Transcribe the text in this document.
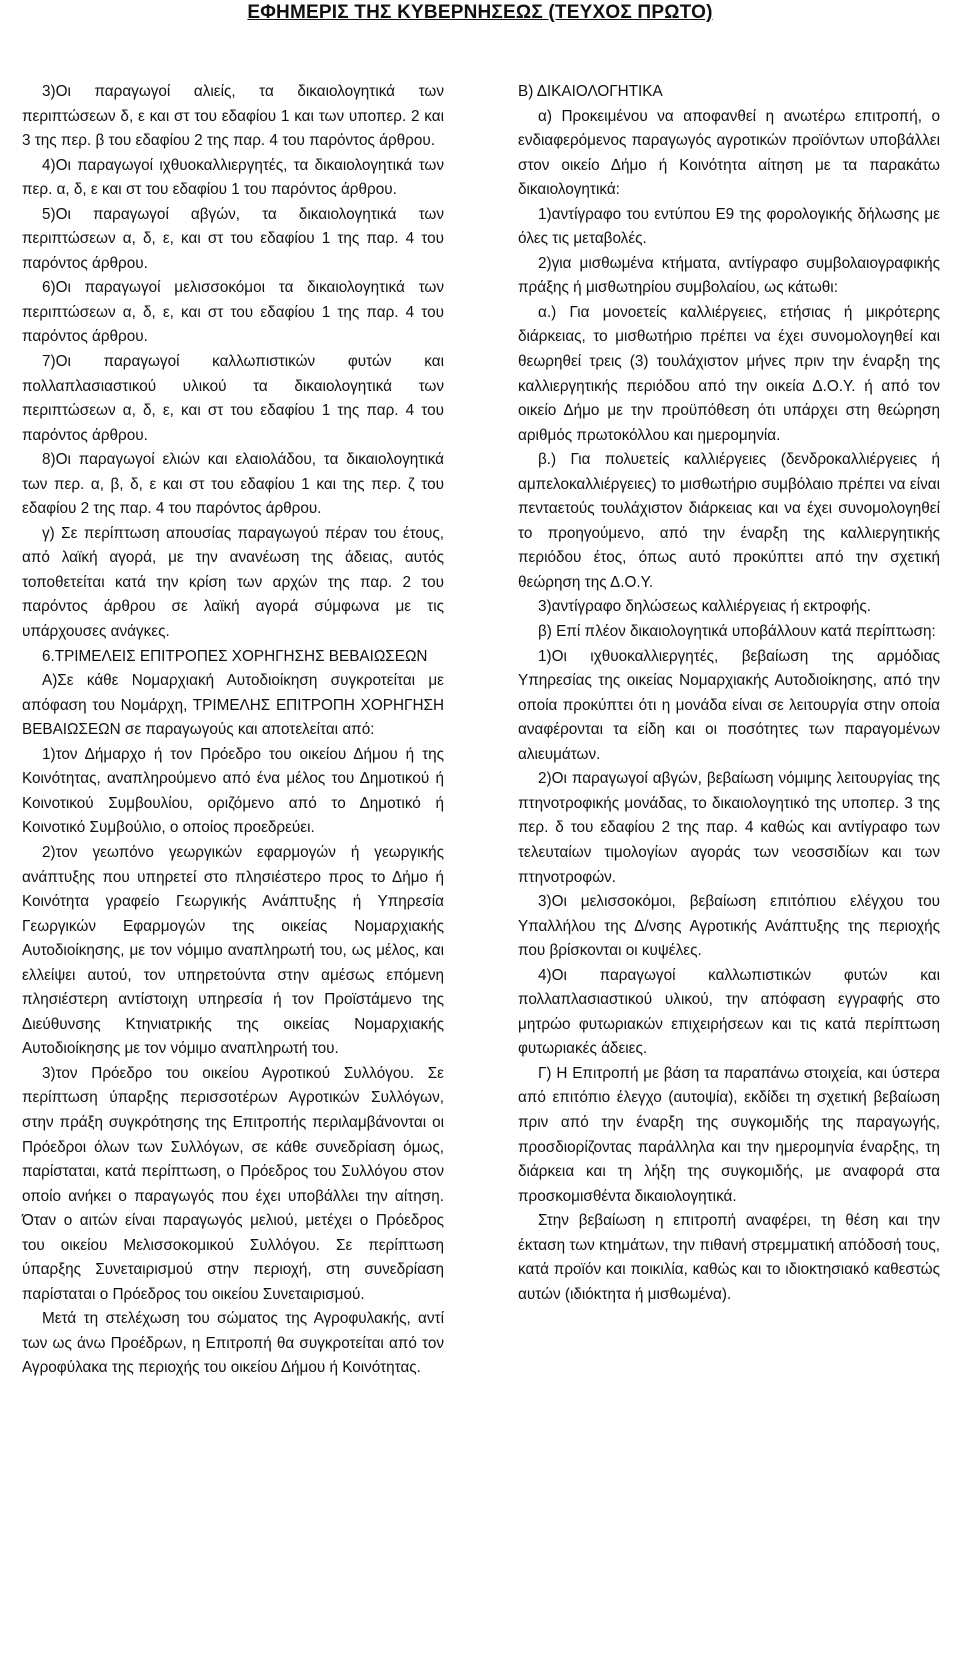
ΕΦΗΜΕΡΙΣ ΤΗΣ ΚΥΒΕΡΝΗΣΕΩΣ (ΤΕΥΧΟΣ ΠΡΩΤΟ)

3)Οι παραγωγοί αλιείς, τα δικαιολογητικά των περιπτώσεων δ, ε και στ του εδαφίου 1 και των υποπερ. 2 και 3 της περ. β του εδαφίου 2 της παρ. 4 του παρόντος άρθρου.

4)Οι παραγωγοί ιχθυοκαλλιεργητές, τα δικαιολογητικά των περ. α, δ, ε και στ του εδαφίου 1 του παρόντος άρθρου.

5)Οι παραγωγοί αβγών, τα δικαιολογητικά των περιπτώσεων α, δ, ε, και στ του εδαφίου 1 της παρ. 4 του παρόντος άρθρου.

6)Οι παραγωγοί μελισσοκόμοι τα δικαιολογητικά των περιπτώσεων α, δ, ε, και στ του εδαφίου 1 της παρ. 4 του παρόντος άρθρου.

7)Οι παραγωγοί καλλωπιστικών φυτών και πολλαπλασιαστικού υλικού τα δικαιολογητικά των περιπτώσεων α, δ, ε, και στ του εδαφίου 1 της παρ. 4 του παρόντος άρθρου.

8)Οι παραγωγοί ελιών και ελαιολάδου, τα δικαιολογητικά των περ. α, β, δ, ε και στ του εδαφίου 1 και της περ. ζ του εδαφίου 2 της παρ. 4 του παρόντος άρθρου.

γ) Σε περίπτωση απουσίας παραγωγού πέραν του έτους, από λαϊκή αγορά, με την ανανέωση της άδειας, αυτός τοποθετείται κατά την κρίση των αρχών της παρ. 2 του παρόντος άρθρου σε λαϊκή αγορά σύμφωνα με τις υπάρχουσες ανάγκες.

6.ΤΡΙΜΕΛΕΙΣ ΕΠΙΤΡΟΠΕΣ ΧΟΡΗΓΗΣΗΣ ΒΕΒΑΙΩΣΕΩΝ

Α)Σε κάθε Νομαρχιακή Αυτοδιοίκηση συγκροτείται με απόφαση του Νομάρχη, ΤΡΙΜΕΛΗΣ ΕΠΙΤΡΟΠΗ ΧΟΡΗΓΗΣΗ ΒΕΒΑΙΩΣΕΩΝ σε παραγωγούς και αποτελείται από:

1)τον Δήμαρχο ή τον Πρόεδρο του οικείου Δήμου ή της Κοινότητας, αναπληρούμενο από ένα μέλος του Δημοτικού ή Κοινοτικού Συμβουλίου, οριζόμενο από το Δημοτικό ή Κοινοτικό Συμβούλιο, ο οποίος προεδρεύει.

2)τον γεωπόνο γεωργικών εφαρμογών ή γεωργικής ανάπτυξης που υπηρετεί στο πλησιέστερο προς το Δήμο ή Κοινότητα γραφείο Γεωργικής Ανάπτυξης ή Υπηρεσία Γεωργικών Εφαρμογών της οικείας Νομαρχιακής Αυτοδιοίκησης, με τον νόμιμο αναπληρωτή του, ως μέλος, και ελλείψει αυτού, τον υπηρετούντα στην αμέσως επόμενη πλησιέστερη αντίστοιχη υπηρεσία ή τον Προϊστάμενο της Διεύθυνσης Κτηνιατρικής της οικείας Νομαρχιακής Αυτοδιοίκησης με τον νόμιμο αναπληρωτή του.

3)τον Πρόεδρο του οικείου Αγροτικού Συλλόγου. Σε περίπτωση ύπαρξης περισσοτέρων Αγροτικών Συλλόγων, στην πράξη συγκρότησης της Επιτροπής περιλαμβάνονται οι Πρόεδροι όλων των Συλλόγων, σε κάθε συνεδρίαση όμως, παρίσταται, κατά περίπτωση, ο Πρόεδρος του Συλλόγου στον οποίο ανήκει ο παραγωγός που έχει υποβάλλει την αίτηση. Όταν ο αιτών είναι παραγωγός μελιού, μετέχει ο Πρόεδρος του οικείου Μελισσοκομικού Συλλόγου. Σε περίπτωση ύπαρξης Συνεταιρισμού στην περιοχή, στη συνεδρίαση παρίσταται ο Πρόεδρος του οικείου Συνεταιρισμού.

Μετά τη στελέχωση του σώματος της Αγροφυλακής, αντί των ως άνω Προέδρων, η Επιτροπή θα συγκροτείται από τον Αγροφύλακα της περιοχής του οικείου Δήμου ή Κοινότητας.

Β) ΔΙΚΑΙΟΛΟΓΗΤΙΚΑ

α) Προκειμένου να αποφανθεί η ανωτέρω επιτροπή, ο ενδιαφερόμενος παραγωγός αγροτικών προϊόντων υποβάλλει στον οικείο Δήμο ή Κοινότητα αίτηση με τα παρακάτω δικαιολογητικά:

1)αντίγραφο του εντύπου Ε9 της φορολογικής δήλωσης με όλες τις μεταβολές.

2)για μισθωμένα κτήματα, αντίγραφο συμβολαιογραφικής πράξης ή μισθωτηρίου συμβολαίου, ως κάτωθι:

α.) Για μονοετείς καλλιέργειες, ετήσιας ή μικρότερης διάρκειας, το μισθωτήριο πρέπει να έχει συνομολογηθεί και θεωρηθεί τρεις (3) τουλάχιστον μήνες πριν την έναρξη της καλλιεργητικής περιόδου από την οικεία Δ.Ο.Υ. ή από τον οικείο Δήμο με την προϋπόθεση ότι υπάρχει στη θεώρηση αριθμός πρωτοκόλλου και ημερομηνία.

β.) Για πολυετείς καλλιέργειες (δενδροκαλλιέργειες ή αμπελοκαλλιέργειες) το μισθωτήριο συμβόλαιο πρέπει να είναι πενταετούς τουλάχιστον διάρκειας και να έχει συνομολογηθεί το προηγούμενο, από την έναρξη της καλλιεργητικής περιόδου έτος, όπως αυτό προκύπτει από την σχετική θεώρηση της Δ.Ο.Υ.

3)αντίγραφο δηλώσεως καλλιέργειας ή εκτροφής.

β) Επί πλέον δικαιολογητικά υποβάλλουν κατά περίπτωση:

1)Οι ιχθυοκαλλιεργητές, βεβαίωση της αρμόδιας Υπηρεσίας της οικείας Νομαρχιακής Αυτοδιοίκησης, από την οποία προκύπτει ότι η μονάδα είναι σε λειτουργία στην οποία αναφέρονται τα είδη και οι ποσότητες των παραγομένων αλιευμάτων.

2)Οι παραγωγοί αβγών, βεβαίωση νόμιμης λειτουργίας της πτηνοτροφικής μονάδας, το δικαιολογητικό της υποπερ. 3 της περ. δ του εδαφίου 2 της παρ. 4 καθώς και αντίγραφο των τελευταίων τιμολογίων αγοράς των νεοσσιδίων και των πτηνοτροφών.

3)Οι μελισσοκόμοι, βεβαίωση επιτόπιου ελέγχου του Υπαλλήλου της Δ/νσης Αγροτικής Ανάπτυξης της περιοχής που βρίσκονται οι κυψέλες.

4)Οι παραγωγοί καλλωπιστικών φυτών και πολλαπλασιαστικού υλικού, την απόφαση εγγραφής στο μητρώο φυτωριακών επιχειρήσεων και τις κατά περίπτωση φυτωριακές άδειες.

Γ) Η Επιτροπή με βάση τα παραπάνω στοιχεία, και ύστερα από επιτόπιο έλεγχο (αυτοψία), εκδίδει τη σχετική βεβαίωση πριν από την έναρξη της συγκομιδής της παραγωγής, προσδιορίζοντας παράλληλα και την ημερομηνία έναρξης, τη διάρκεια και τη λήξη της συγκομιδής, με αναφορά στα προσκομισθέντα δικαιολογητικά.

Στην βεβαίωση η επιτροπή αναφέρει, τη θέση και την έκταση των κτημάτων, την πιθανή στρεμματική απόδοσή τους, κατά προϊόν και ποικιλία, καθώς και το ιδιοκτησιακό καθεστώς αυτών (ιδιόκτητα ή μισθωμένα).
